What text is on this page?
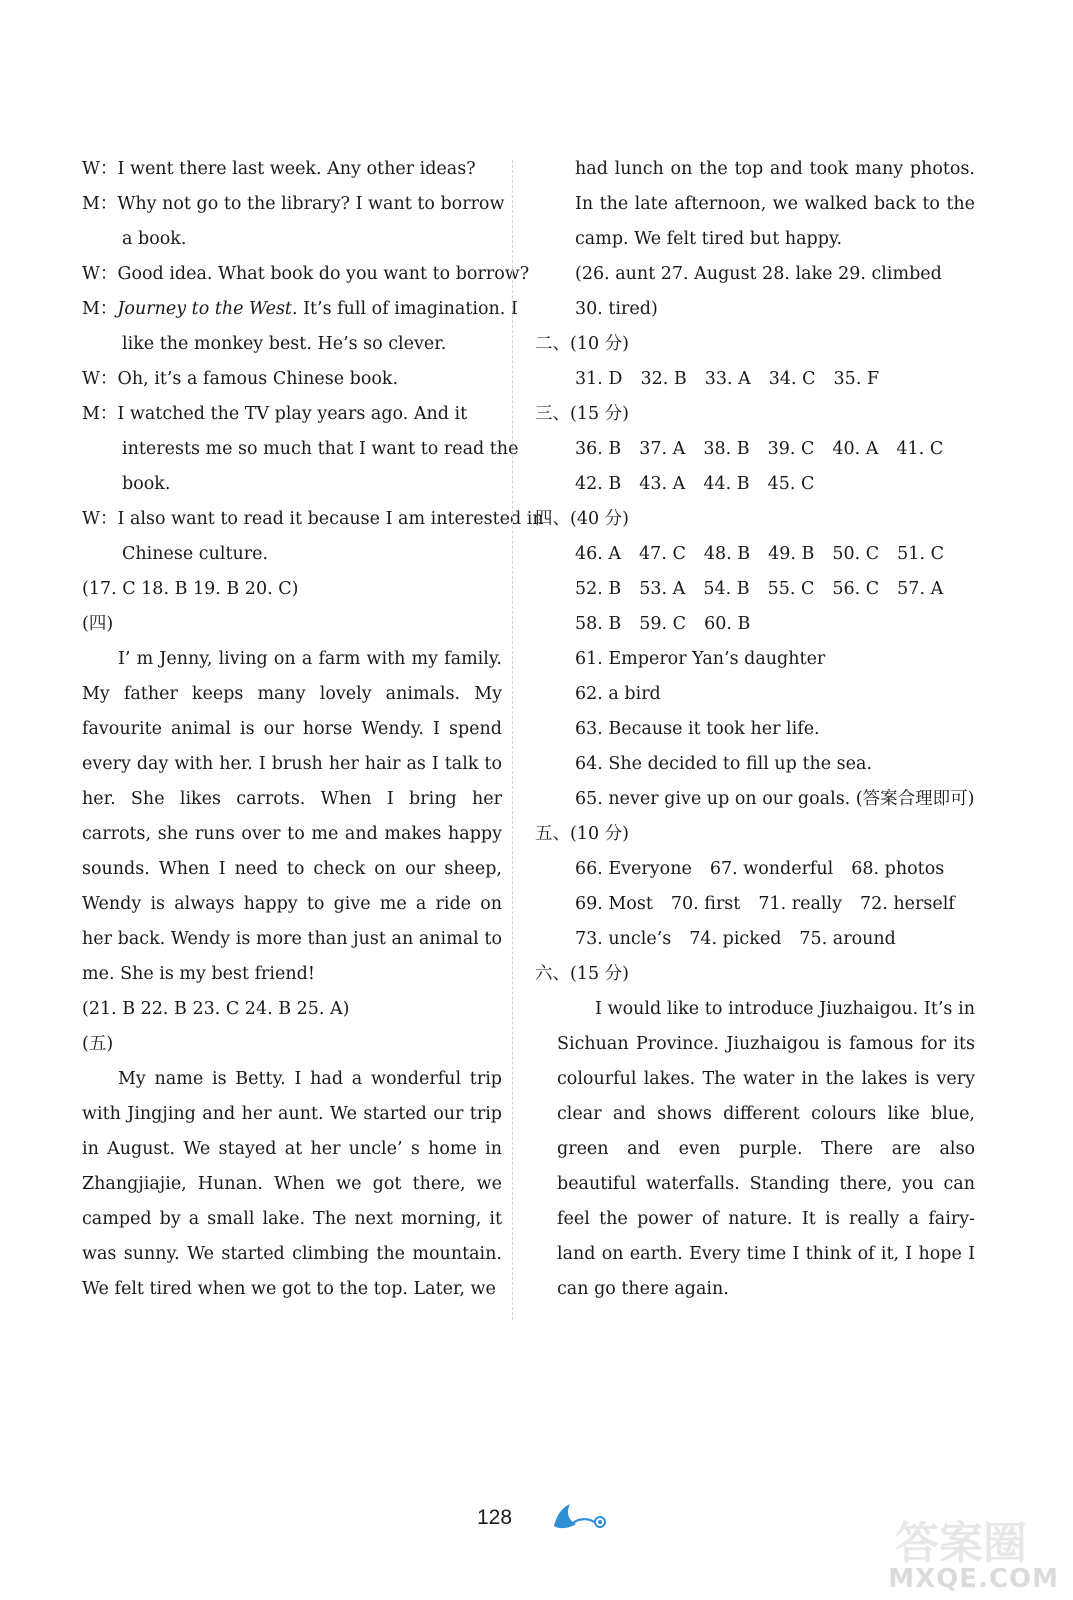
W：I went there last week. Any other ideas?
M：Why not go to the library? I want to borrow
a book.
W：Good idea. What book do you want to borrow?
M：Journey to the West. It’s full of imagination. I
like the monkey best. He’s so clever.
W：Oh, it’s a famous Chinese book.
M：I watched the TV play years ago. And it
interests me so much that I want to read the
book.
W：I also want to read it because I am interested in
Chinese culture.
(17. C 18. B 19. B 20. C)
(四)
I’ m Jenny, living on a farm with my family. My father keeps many lovely animals. My favourite animal is our horse Wendy. I spend every day with her. I brush her hair as I talk to her. She likes carrots. When I bring her carrots, she runs over to me and makes happy sounds. When I need to check on our sheep, Wendy is always happy to give me a ride on her back. Wendy is more than just an animal to me. She is my best friend!
(21. B 22. B 23. C 24. B 25. A)
(五)
My name is Betty. I had a wonderful trip with Jingjing and her aunt. We started our trip in August. We stayed at her uncle’ s home in Zhangjiajie, Hunan. When we got there, we camped by a small lake. The next morning, it was sunny. We started climbing the mountain. We felt tired when we got to the top. Later, we
had lunch on the top and took many photos. In the late afternoon, we walked back to the camp. We felt tired but happy.
(26. aunt 27. August 28. lake 29. climbed
30. tired)
二、(10 分)
31. D 32. B 33. A 34. C 35. F
三、(15 分)
36. B 37. A 38. B 39. C 40. A 41. C
42. B 43. A 44. B 45. C
四、(40 分)
46. A 47. C 48. B 49. B 50. C 51. C
52. B 53. A 54. B 55. C 56. C 57. A
58. B 59. C 60. B
61. Emperor Yan’s daughter
62. a bird
63. Because it took her life.
64. She decided to fill up the sea.
65. never give up on our goals. (答案合理即可)
五、(10 分)
66. Everyone 67. wonderful 68. photos
69. Most 70. first 71. really 72. herself
73. uncle’s 74. picked 75. around
六、(15 分)
I would like to introduce Jiuzhaigou. It’s in Sichuan Province. Jiuzhaigou is famous for its colourful lakes. The water in the lakes is very clear and shows different colours like blue, green and even purple. There are also beautiful waterfalls. Standing there, you can feel the power of nature. It is really a fairy-land on earth. Every time I think of it, I hope I can go there again.
128
答案圈
MXQE.COM
